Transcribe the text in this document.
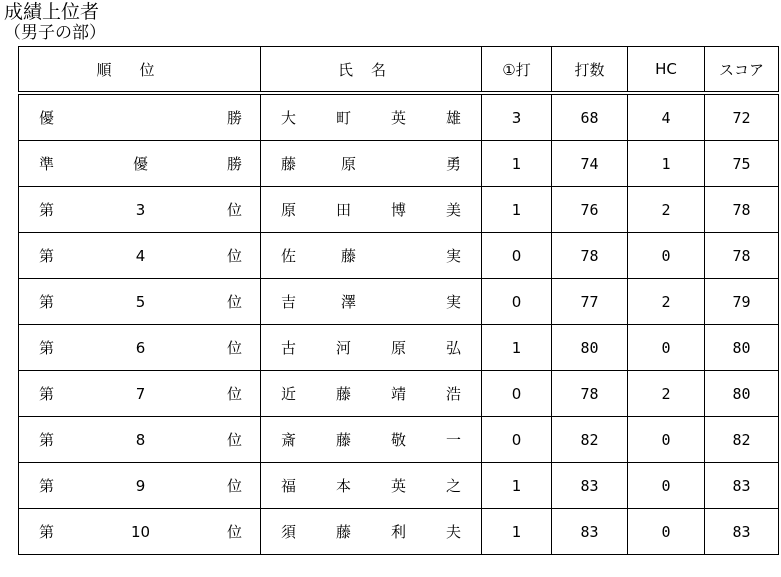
成績上位者
（男子の部）
順位	氏名	①打	打数	HC	スコア

優 勝	大 町 英 雄	3	68	4	72

準 優 勝	藤 原 勇	1	74	1	75

第 3 位	原 田 博 美	1	76	2	78

第 4 位	佐 藤 実	0	78	0	78

第 5 位	吉 澤 実	0	77	2	79

第 6 位	古 河 原 弘	1	80	0	80

第 7 位	近 藤 靖 浩	0	78	2	80

第 8 位	斎 藤 敬 一	0	82	0	82

第 9 位	福 本 英 之	1	83	0	83

第 10 位	須 藤 利 夫	1	83	0	83
